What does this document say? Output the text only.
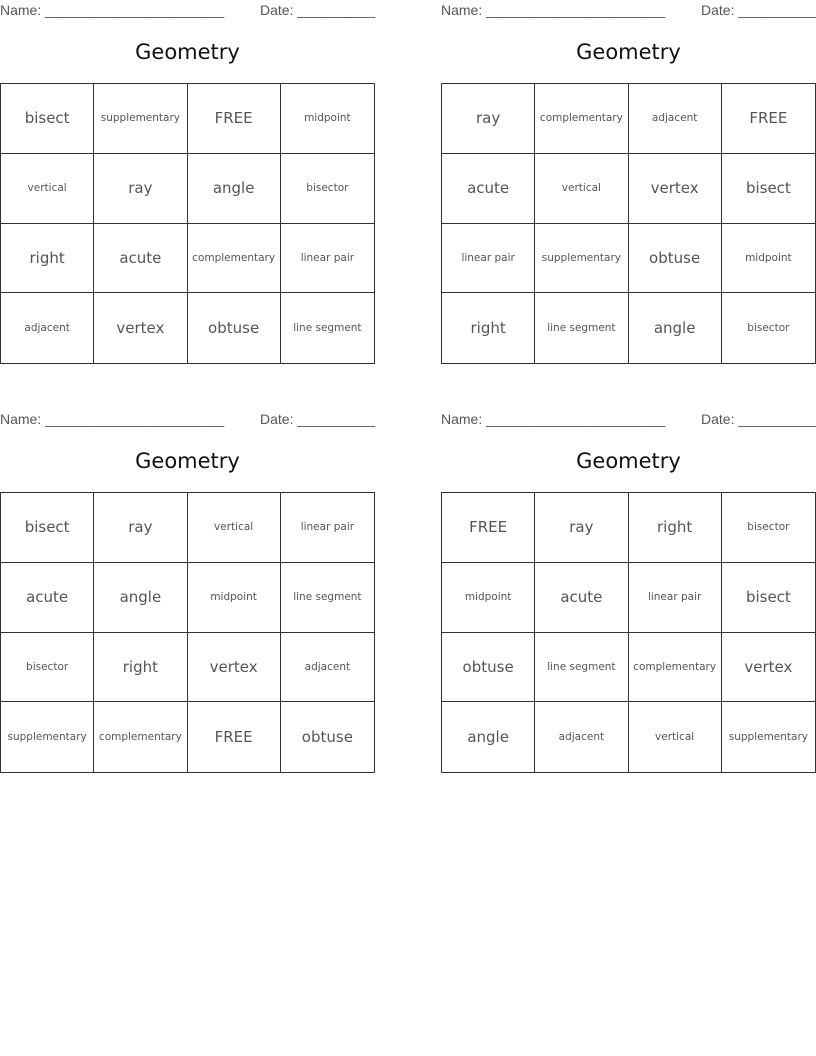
Name: _______________________	Date: __________
Geometry
bisect	supplementary	FREE	midpoint
vertical	ray	angle	bisector
right	acute	complementary	linear pair
adjacent	vertex	obtuse	line segment
Name: _______________________	Date: __________
Geometry
ray	complementary	adjacent	FREE
acute	vertical	vertex	bisect
linear pair	supplementary	obtuse	midpoint
right	line segment	angle	bisector
Name: _______________________	Date: __________
Geometry
bisect	ray	vertical	linear pair
acute	angle	midpoint	line segment
bisector	right	vertex	adjacent
supplementary	complementary	FREE	obtuse
Name: _______________________	Date: __________
Geometry
FREE	ray	right	bisector
midpoint	acute	linear pair	bisect
obtuse	line segment	complementary	vertex
angle	adjacent	vertical	supplementary
